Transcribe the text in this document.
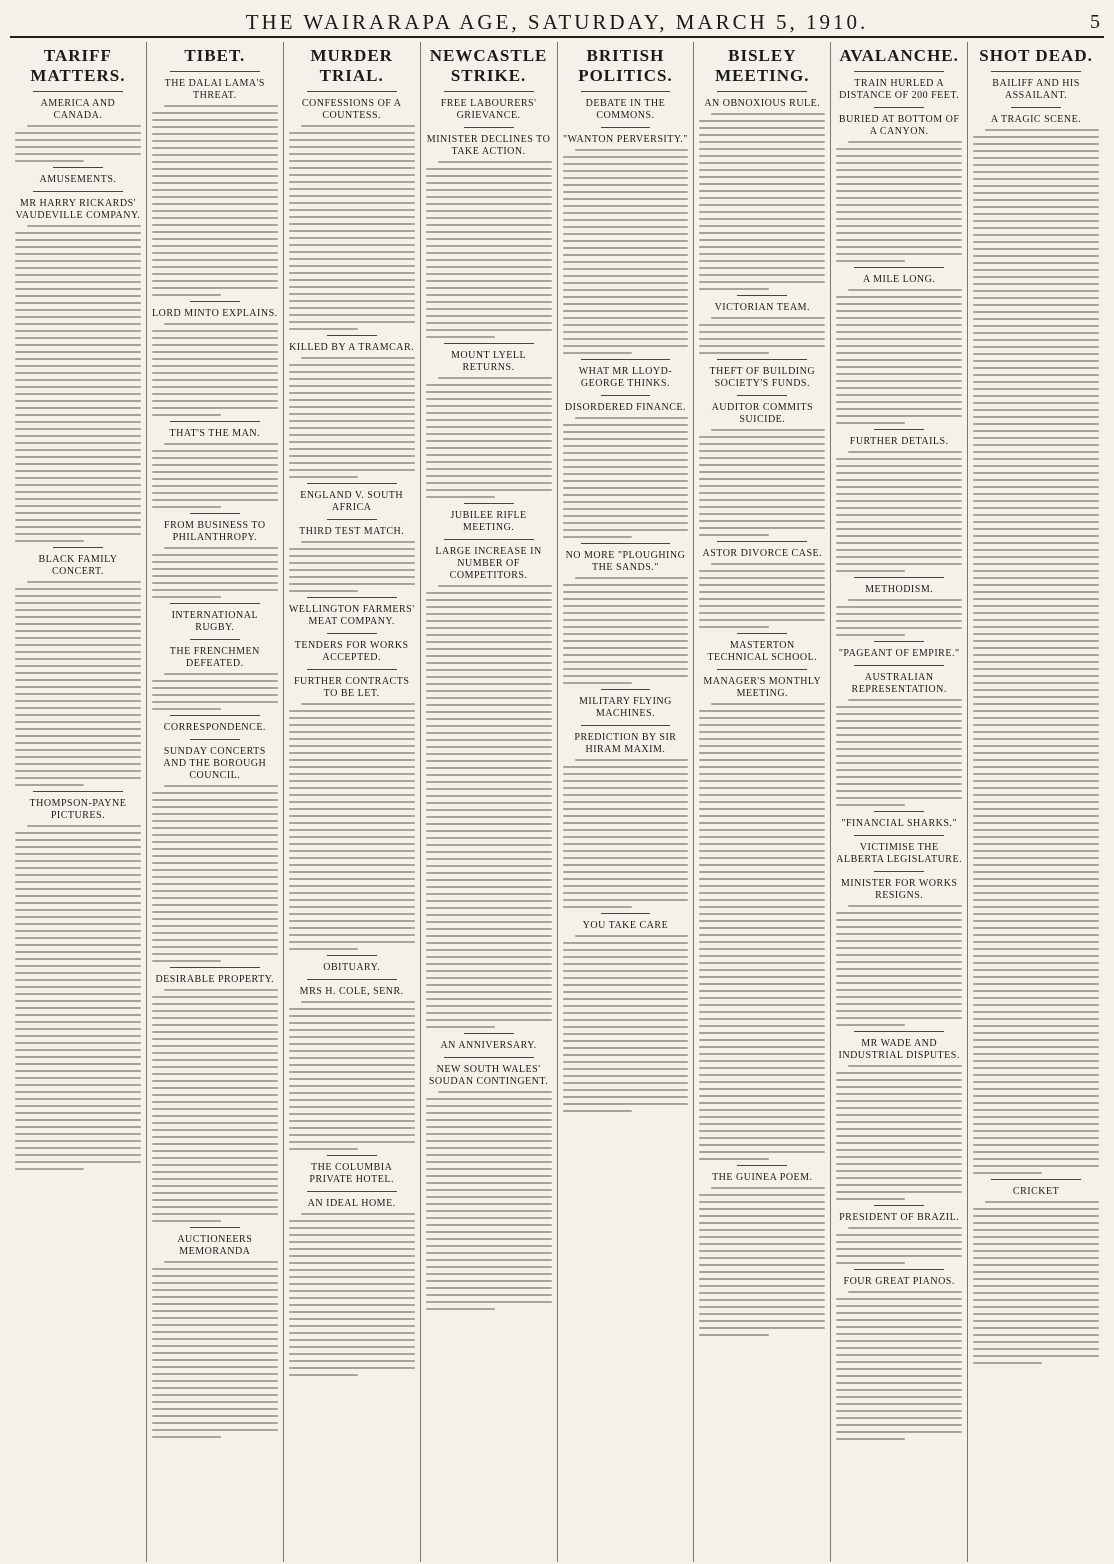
THE WAIRARAPA AGE, SATURDAY, MARCH 5, 1910.	5
TARIFF MATTERS.
AMERICA AND CANADA.
AMUSEMENTS.
MR HARRY RICKARDS' VAUDEVILLE COMPANY.
BLACK FAMILY CONCERT.
THOMPSON-PAYNE PICTURES.
TIBET.
THE DALAI LAMA'S THREAT.
LORD MINTO EXPLAINS.
THAT'S THE MAN.
FROM BUSINESS TO PHILANTHROPY.
INTERNATIONAL RUGBY.
THE FRENCHMEN DEFEATED.
CORRESPONDENCE.
SUNDAY CONCERTS AND THE BOROUGH COUNCIL.
DESIRABLE PROPERTY.
AUCTIONEERS MEMORANDA
MURDER TRIAL.
CONFESSIONS OF A COUNTESS.
KILLED BY A TRAMCAR.
ENGLAND V. SOUTH AFRICA
THIRD TEST MATCH.
WELLINGTON FARMERS' MEAT COMPANY.
TENDERS FOR WORKS ACCEPTED.
FURTHER CONTRACTS TO BE LET.
OBITUARY.
MRS H. COLE, SENR.
THE COLUMBIA PRIVATE HOTEL.
AN IDEAL HOME.
NEWCASTLE STRIKE.
FREE LABOURERS' GRIEVANCE.
MINISTER DECLINES TO TAKE ACTION.
MOUNT LYELL RETURNS.
JUBILEE RIFLE MEETING.
LARGE INCREASE IN NUMBER OF COMPETITORS.
AN ANNIVERSARY.
NEW SOUTH WALES' SOUDAN CONTINGENT.
BRITISH POLITICS.
DEBATE IN THE COMMONS.
"WANTON PERVERSITY."
WHAT MR LLOYD-GEORGE THINKS.
DISORDERED FINANCE.
NO MORE "PLOUGHING THE SANDS."
MILITARY FLYING MACHINES.
PREDICTION BY SIR HIRAM MAXIM.
YOU TAKE CARE
BISLEY MEETING.
AN OBNOXIOUS RULE.
VICTORIAN TEAM.
THEFT OF BUILDING SOCIETY'S FUNDS.
AUDITOR COMMITS SUICIDE.
ASTOR DIVORCE CASE.
MASTERTON TECHNICAL SCHOOL.
MANAGER'S MONTHLY MEETING.
THE GUINEA POEM.
AVALANCHE.
TRAIN HURLED A DISTANCE OF 200 FEET.
BURIED AT BOTTOM OF A CANYON.
A MILE LONG.
FURTHER DETAILS.
METHODISM.
"PAGEANT OF EMPIRE."
AUSTRALIAN REPRESENTATION.
"FINANCIAL SHARKS."
VICTIMISE THE ALBERTA LEGISLATURE.
MINISTER FOR WORKS RESIGNS.
MR WADE AND INDUSTRIAL DISPUTES.
PRESIDENT OF BRAZIL.
FOUR GREAT PIANOS.
SHOT DEAD.
BAILIFF AND HIS ASSAILANT.
A TRAGIC SCENE.
CRICKET
